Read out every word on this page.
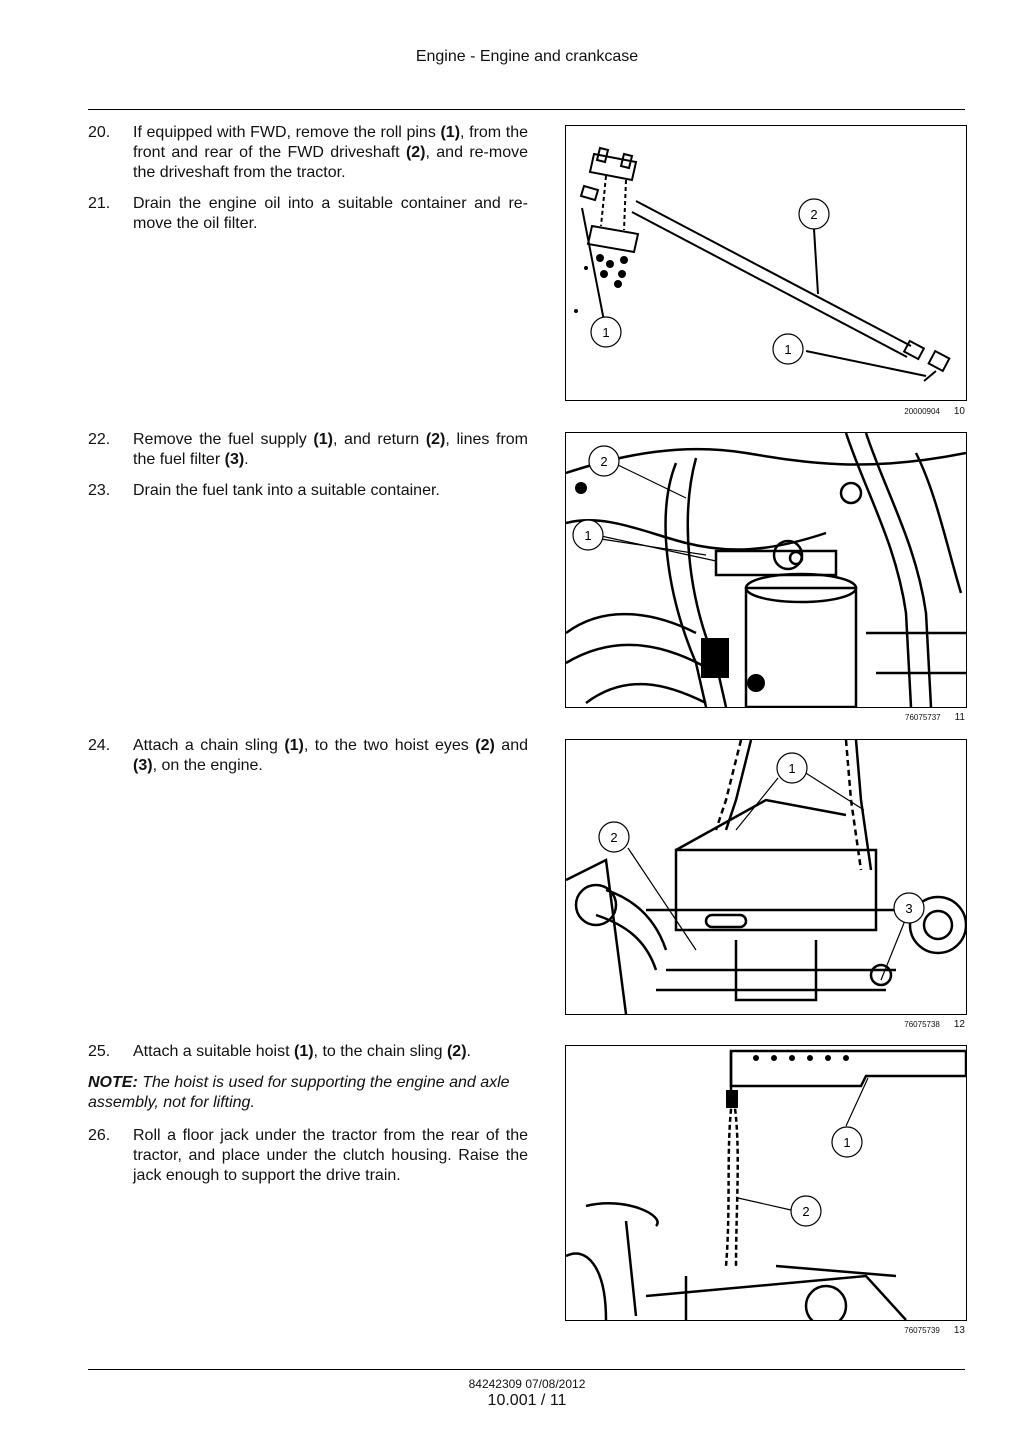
Engine - Engine and crankcase
20.	If equipped with FWD, remove the roll pins (1), from the front and rear of the FWD driveshaft (2), and re-move the driveshaft from the tractor.
21.	Drain the engine oil into a suitable container and re-move the oil filter.
2
1
1
20000904 10
22.	Remove the fuel supply (1), and return (2), lines from the fuel filter (3).
23.	Drain the fuel tank into a suitable container.
2
1
76075737 11
24.	Attach a chain sling (1), to the two hoist eyes (2) and (3), on the engine.	1
2
3
76075738 12
25.	Attach a suitable hoist (1), to the chain sling (2).
NOTE: The hoist is used for supporting the engine and axle assembly, not for lifting.
26.	Roll a floor jack under the tractor from the rear of the tractor, and place under the clutch housing. Raise the jack enough to support the drive train.
1
2
76075739 13
84242309 07/08/2012
10.001 / 11
